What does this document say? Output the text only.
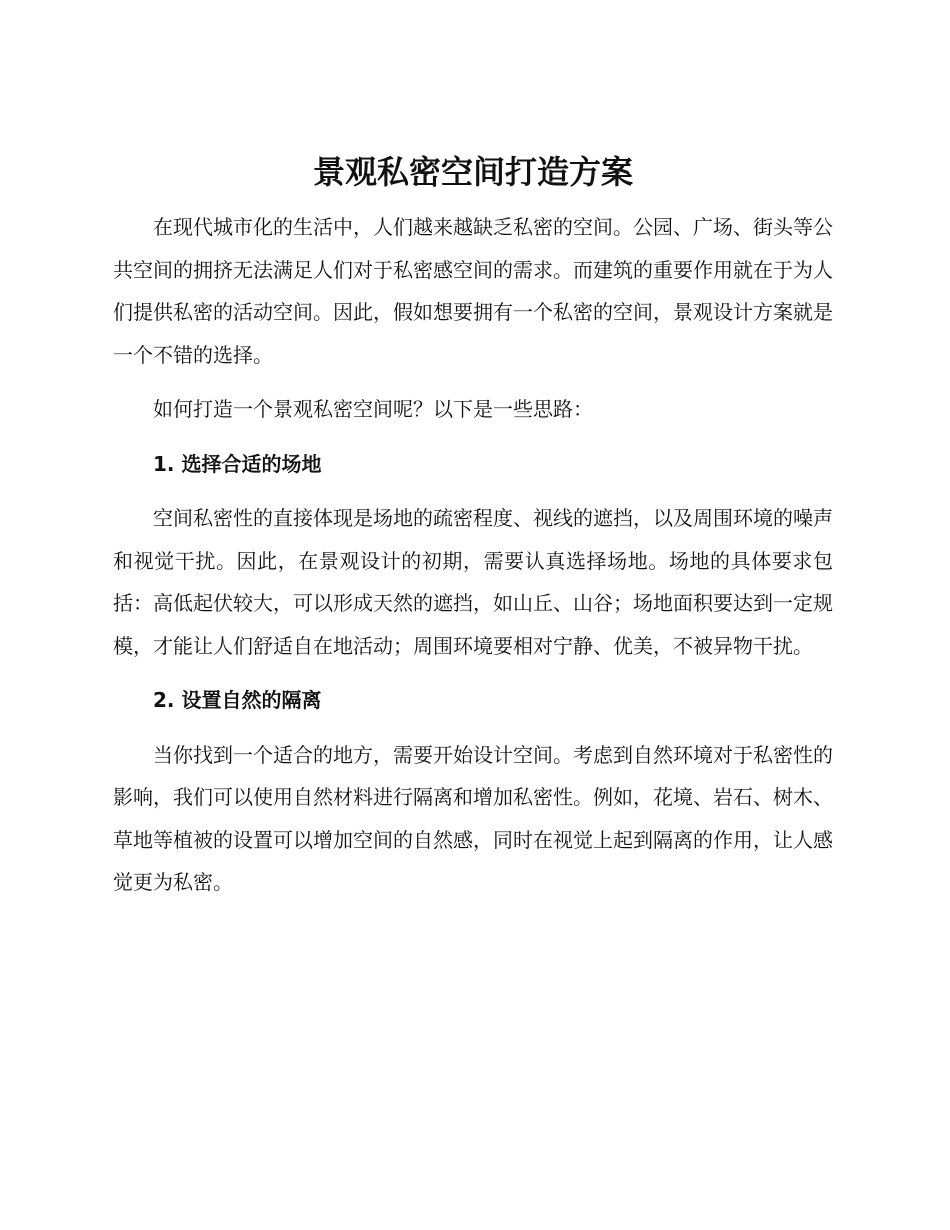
景观私密空间打造方案

在现代城市化的生活中，人们越来越缺乏私密的空间。公园、广场、街头等公共空间的拥挤无法满足人们对于私密感空间的需求。而建筑的重要作用就在于为人们提供私密的活动空间。因此，假如想要拥有一个私密的空间，景观设计方案就是一个不错的选择。

如何打造一个景观私密空间呢？以下是一些思路：

1. 选择合适的场地

空间私密性的直接体现是场地的疏密程度、视线的遮挡，以及周围环境的噪声和视觉干扰。因此，在景观设计的初期，需要认真选择场地。场地的具体要求包括：高低起伏较大，可以形成天然的遮挡，如山丘、山谷；场地面积要达到一定规模，才能让人们舒适自在地活动；周围环境要相对宁静、优美，不被异物干扰。

2. 设置自然的隔离

当你找到一个适合的地方，需要开始设计空间。考虑到自然环境对于私密性的影响，我们可以使用自然材料进行隔离和增加私密性。例如，花境、岩石、树木、草地等植被的设置可以增加空间的自然感，同时在视觉上起到隔离的作用，让人感觉更为私密。
